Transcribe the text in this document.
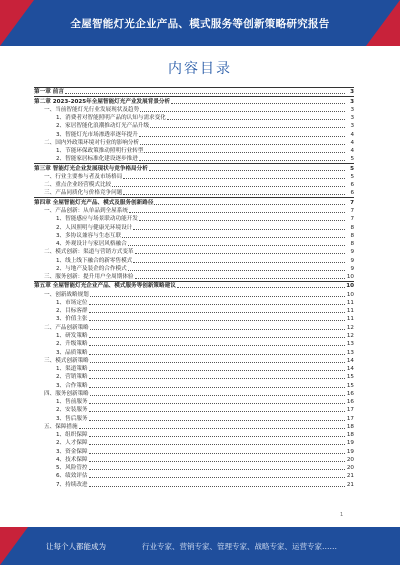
全屋智能灯光企业产品、模式服务等创新策略研究报告
内容目录
第一章 前言	3
第二章 2023-2025年全屋智能灯光产业发展背景分析	3
一、当前智能灯光行业发展现状及趋势	3
1、消费者对智能照明产品的认知与需求变化	3
2、家居智能化浪潮推动灯光产品升级	3
3、智能灯光市场渗透率逐年提升	4
二、国内外政策环境对行业的影响分析	4
1、节能环保政策推动照明行业转型	4
2、智能家居标准化建设逐步推进	5
第三章 智能灯光企业发展现状与竞争格局分析	5
一、行业主要参与者及市场格局	5
二、重点企业经营模式比较	6
三、产品同质化与价格竞争问题	6
第四章 全屋智能灯光产品、模式及服务创新路径	7
一、产品创新：从单品到全屋系统	7
1、智能感应与场景联动功能开发	7
2、人因照明与健康光环境设计	8
3、多协议兼容与生态互联	8
4、外观设计与家居风格融合	8
二、模式创新：渠道与营销方式变革	9
1、线上线下融合的新零售模式	9
2、与地产及装企的合作模式	9
三、服务创新：提升用户全周期体验	10
第五章 全屋智能灯光企业产品、模式服务等创新策略建议	10
一、创新战略规划	10
1、市场定位	11
2、目标客群	11
3、价值主张	11
二、产品创新策略	12
1、研发策略	12
2、升级策略	13
3、品质策略	13
三、模式创新策略	14
1、渠道策略	14
2、营销策略	15
3、合作策略	15
四、服务创新策略	16
1、售前服务	16
2、安装服务	17
3、售后服务	17
五、保障措施	18
1、组织保障	18
2、人才保障	19
3、资金保障	19
4、技术保障	20
5、风险管控	20
6、绩效评估	21
7、持续改进	21
1
让每个人都能成为	行业专家、营销专家、管理专家、战略专家、运营专家……
